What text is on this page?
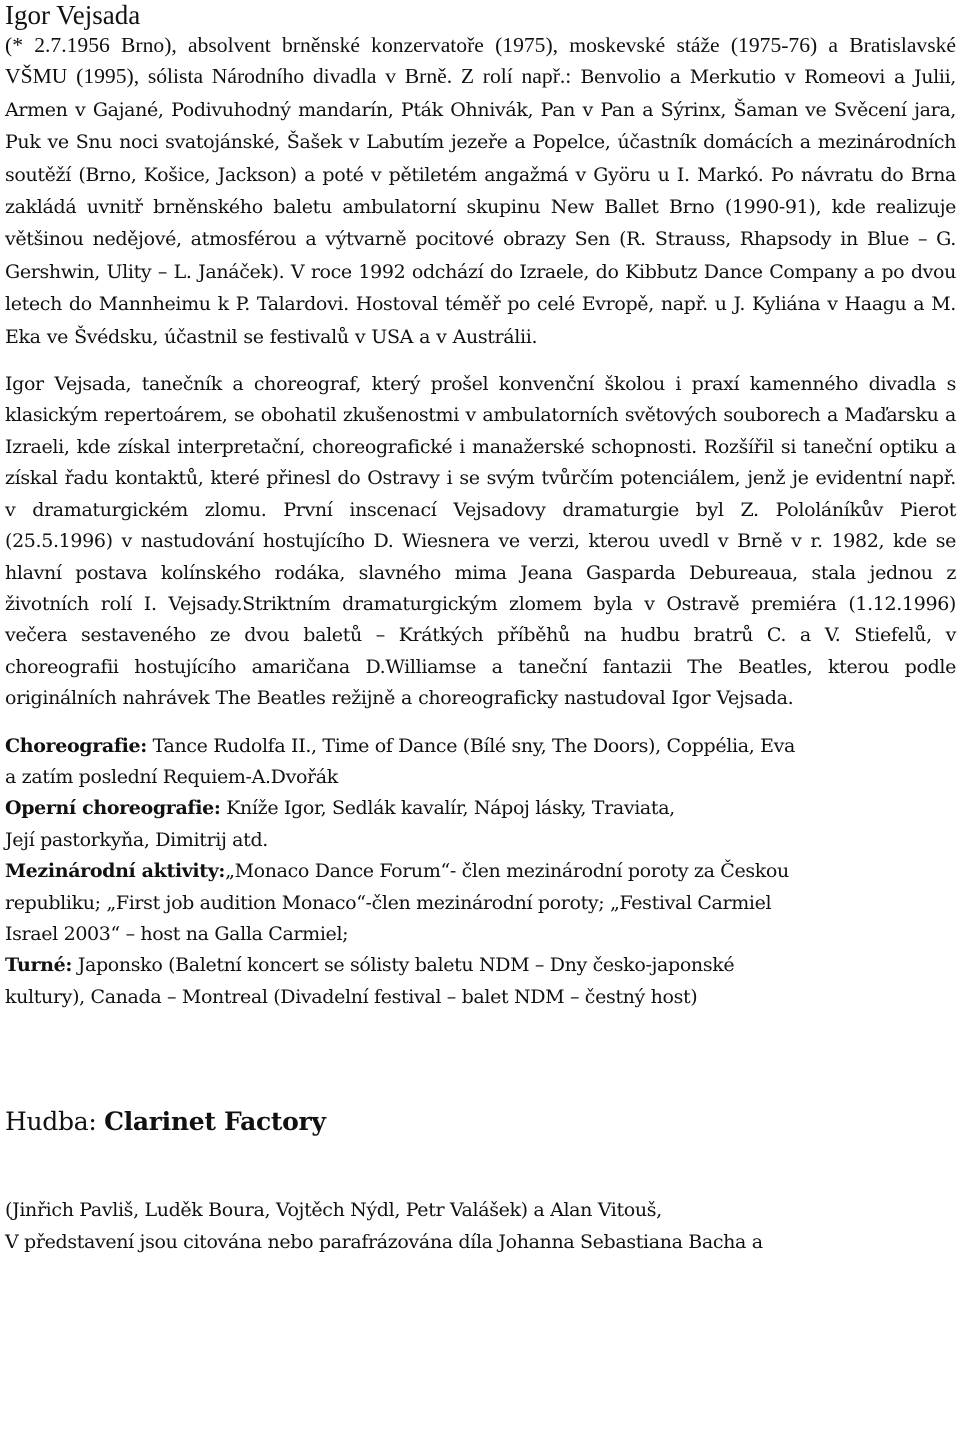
Igor Vejsada

(* 2.7.1956 Brno), absolvent brněnské konzervatoře (1975), moskevské stáže (1975-76) a Bratislavské VŠMU (1995), sólista Národního divadla v Brně. Z rolí např.: Benvolio a Merkutio v Romeovi a Julii, Armen v Gajané, Podivuhodný mandarín, Pták Ohnivák, Pan v Pan a Sýrinx, Šaman ve Svěcení jara, Puk ve Snu noci svatojánské, Šašek v Labutím jezeře a Popelce, účastník domácích a mezinárodních soutěží (Brno, Košice, Jackson) a poté v pětiletém angažmá v Györu u I. Markó. Po návratu do Brna zakládá uvnitř brněnského baletu ambulatorní skupinu New Ballet Brno (1990-91), kde realizuje většinou nedějové, atmosférou a výtvarně pocitové obrazy Sen (R. Strauss, Rhapsody in Blue – G. Gershwin, Ulity – L. Janáček). V roce 1992 odchází do Izraele, do Kibbutz Dance Company a po dvou letech do Mannheimu k P. Talardovi. Hostoval téměř po celé Evropě, např. u J. Kyliána v Haagu a M. Eka ve Švédsku, účastnil se festivalů v USA a v Austrálii.

Igor Vejsada, tanečník a choreograf, který prošel konvenční školou i praxí kamenného divadla s klasickým repertoárem, se obohatil zkušenostmi v ambulatorních světových souborech a Maďarsku a Izraeli, kde získal interpretační, choreografické i manažerské schopnosti. Rozšířil si taneční optiku a získal řadu kontaktů, které přinesl do Ostravy i se svým tvůrčím potenciálem, jenž je evidentní např. v dramaturgickém zlomu. První inscenací Vejsadovy dramaturgie byl Z. Pololáníkův Pierot (25.5.1996) v nastudování hostujícího D. Wiesnera ve verzi, kterou uvedl v Brně v r. 1982, kde se hlavní postava kolínského rodáka, slavného mima Jeana Gasparda Debureaua, stala jednou z životních rolí I. Vejsady.Striktním dramaturgickým zlomem byla v Ostravě premiéra (1.12.1996) večera sestaveného ze dvou baletů – Krátkých příběhů na hudbu bratrů C. a V. Stiefelů, v choreografii hostujícího amaričana D.Williamse a taneční fantazii The Beatles, kterou podle originálních nahrávek The Beatles režijně a choreograficky nastudoval Igor Vejsada.

Choreografie: Tance Rudolfa II., Time of Dance (Bílé sny, The Doors), Coppélia, Eva
a zatím poslední Requiem-A.Dvořák
Operní choreografie: Kníže Igor, Sedlák kavalír, Nápoj lásky, Traviata,
Její pastorkyňa, Dimitrij atd.
Mezinárodní aktivity:„Monaco Dance Forum“- člen mezinárodní poroty za Českou
republiku; „First job audition Monaco“-člen mezinárodní poroty; „Festival Carmiel
Israel 2003“ – host na Galla Carmiel;
Turné: Japonsko (Baletní koncert se sólisty baletu NDM – Dny česko-japonské
kultury), Canada – Montreal (Divadelní festival – balet NDM – čestný host)
Hudba: Clarinet Factory
(Jinřich Pavliš, Luděk Boura, Vojtěch Nýdl, Petr Valášek) a Alan Vitouš,
V představení jsou citována nebo parafrázována díla Johanna Sebastiana Bacha a
